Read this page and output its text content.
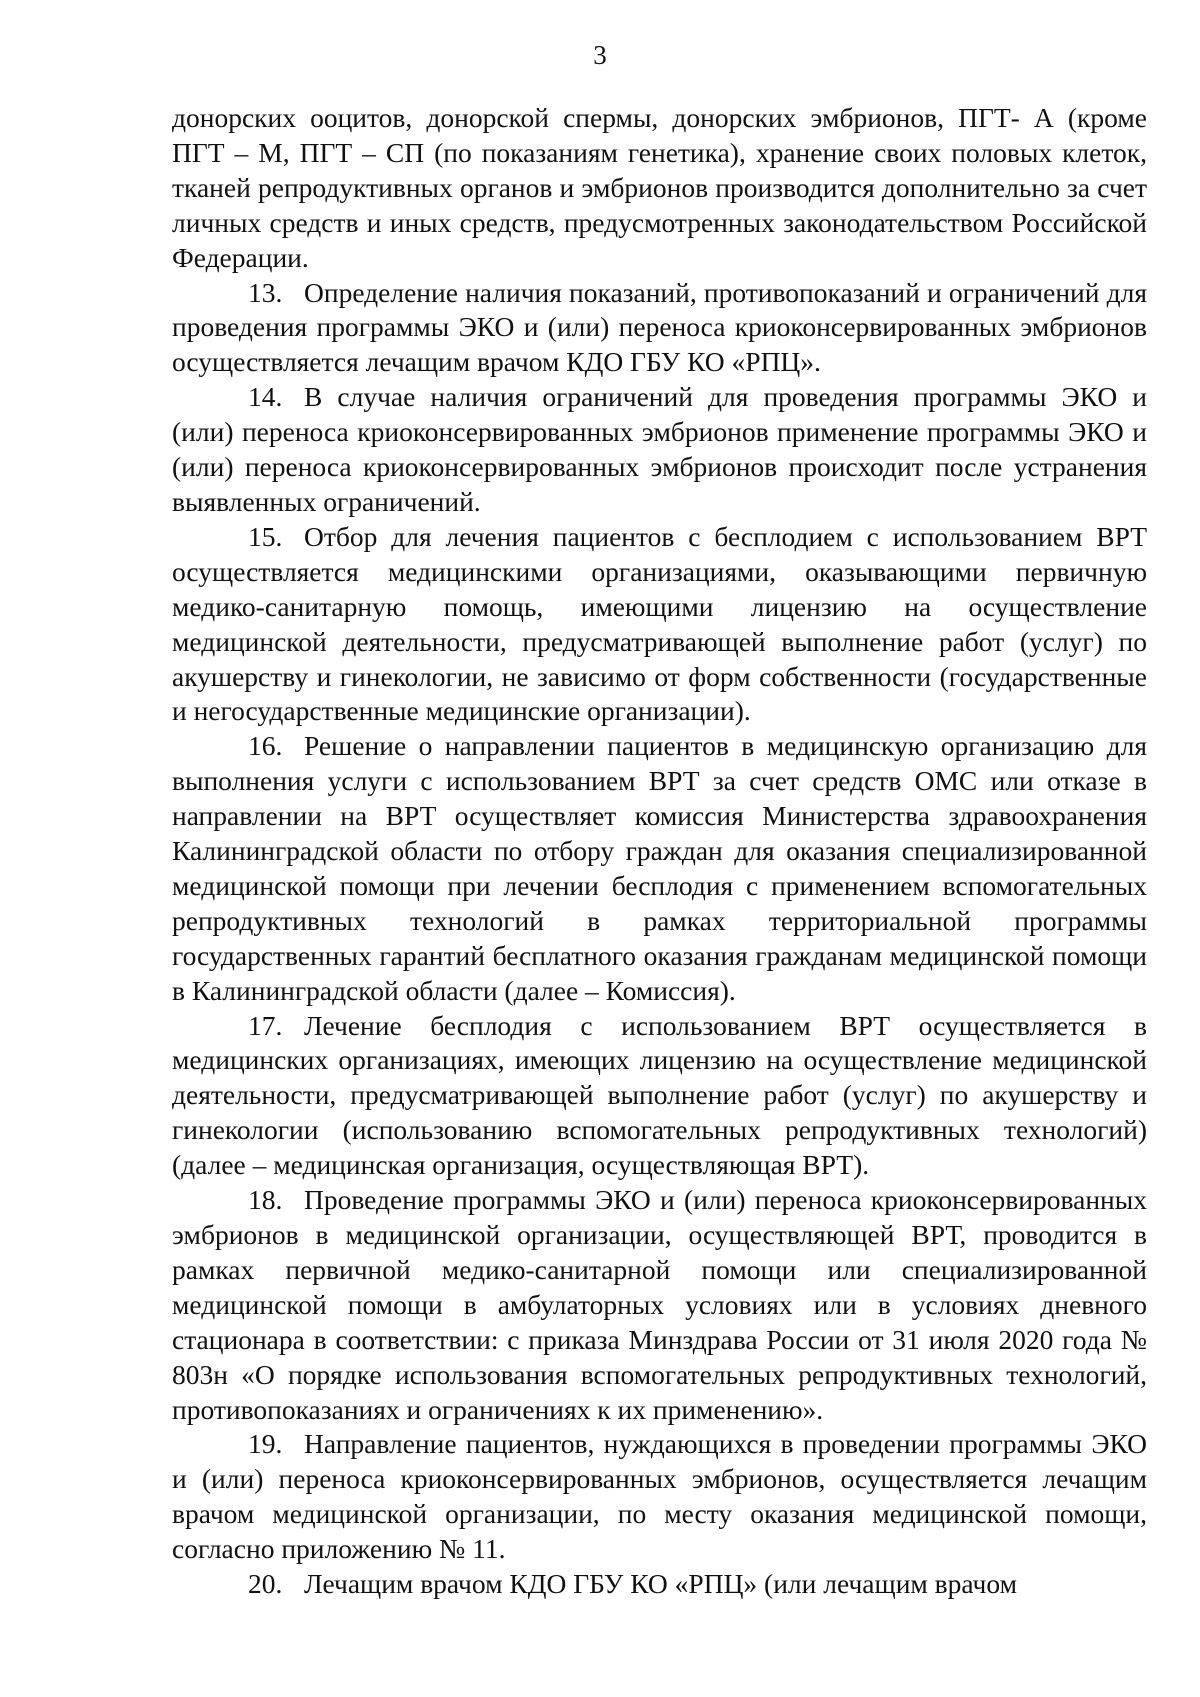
3

донорских ооцитов, донорской спермы, донорских эмбрионов, ПГТ- А (кроме ПГТ – М, ПГТ – СП (по показаниям генетика), хранение своих половых клеток, тканей репродуктивных органов и эмбрионов производится дополнительно за счет личных средств и иных средств, предусмотренных законодательством Российской Федерации.

13. Определение наличия показаний, противопоказаний и ограничений для проведения программы ЭКО и (или) переноса криоконсервированных эмбрионов осуществляется лечащим врачом КДО ГБУ КО «РПЦ».

14. В случае наличия ограничений для проведения программы ЭКО и (или) переноса криоконсервированных эмбрионов применение программы ЭКО и (или) переноса криоконсервированных эмбрионов происходит после устранения выявленных ограничений.

15. Отбор для лечения пациентов с бесплодием с использованием ВРТ осуществляется медицинскими организациями, оказывающими первичную медико-санитарную помощь, имеющими лицензию на осуществление медицинской деятельности, предусматривающей выполнение работ (услуг) по акушерству и гинекологии, не зависимо от форм собственности (государственные и негосударственные медицинские организации).

16. Решение о направлении пациентов в медицинскую организацию для выполнения услуги с использованием ВРТ за счет средств ОМС или отказе в направлении на ВРТ осуществляет комиссия Министерства здравоохранения Калининградской области по отбору граждан для оказания специализированной медицинской помощи при лечении бесплодия с применением вспомогательных репродуктивных технологий в рамках территориальной программы государственных гарантий бесплатного оказания гражданам медицинской помощи в Калининградской области (далее – Комиссия).

17. Лечение бесплодия с использованием ВРТ осуществляется в медицинских организациях, имеющих лицензию на осуществление медицинской деятельности, предусматривающей выполнение работ (услуг) по акушерству и гинекологии (использованию вспомогательных репродуктивных технологий) (далее – медицинская организация, осуществляющая ВРТ).

18. Проведение программы ЭКО и (или) переноса криоконсервированных эмбрионов в медицинской организации, осуществляющей ВРТ, проводится в рамках первичной медико-санитарной помощи или специализированной медицинской помощи в амбулаторных условиях или в условиях дневного стационара в соответствии: с приказа Минздрава России от 31 июля 2020 года № 803н «О порядке использования вспомогательных репродуктивных технологий, противопоказаниях и ограничениях к их применению».

19. Направление пациентов, нуждающихся в проведении программы ЭКО и (или) переноса криоконсервированных эмбрионов, осуществляется лечащим врачом медицинской организации, по месту оказания медицинской помощи, согласно приложению № 11.

20. Лечащим врачом КДО ГБУ КО «РПЦ» (или лечащим врачом
